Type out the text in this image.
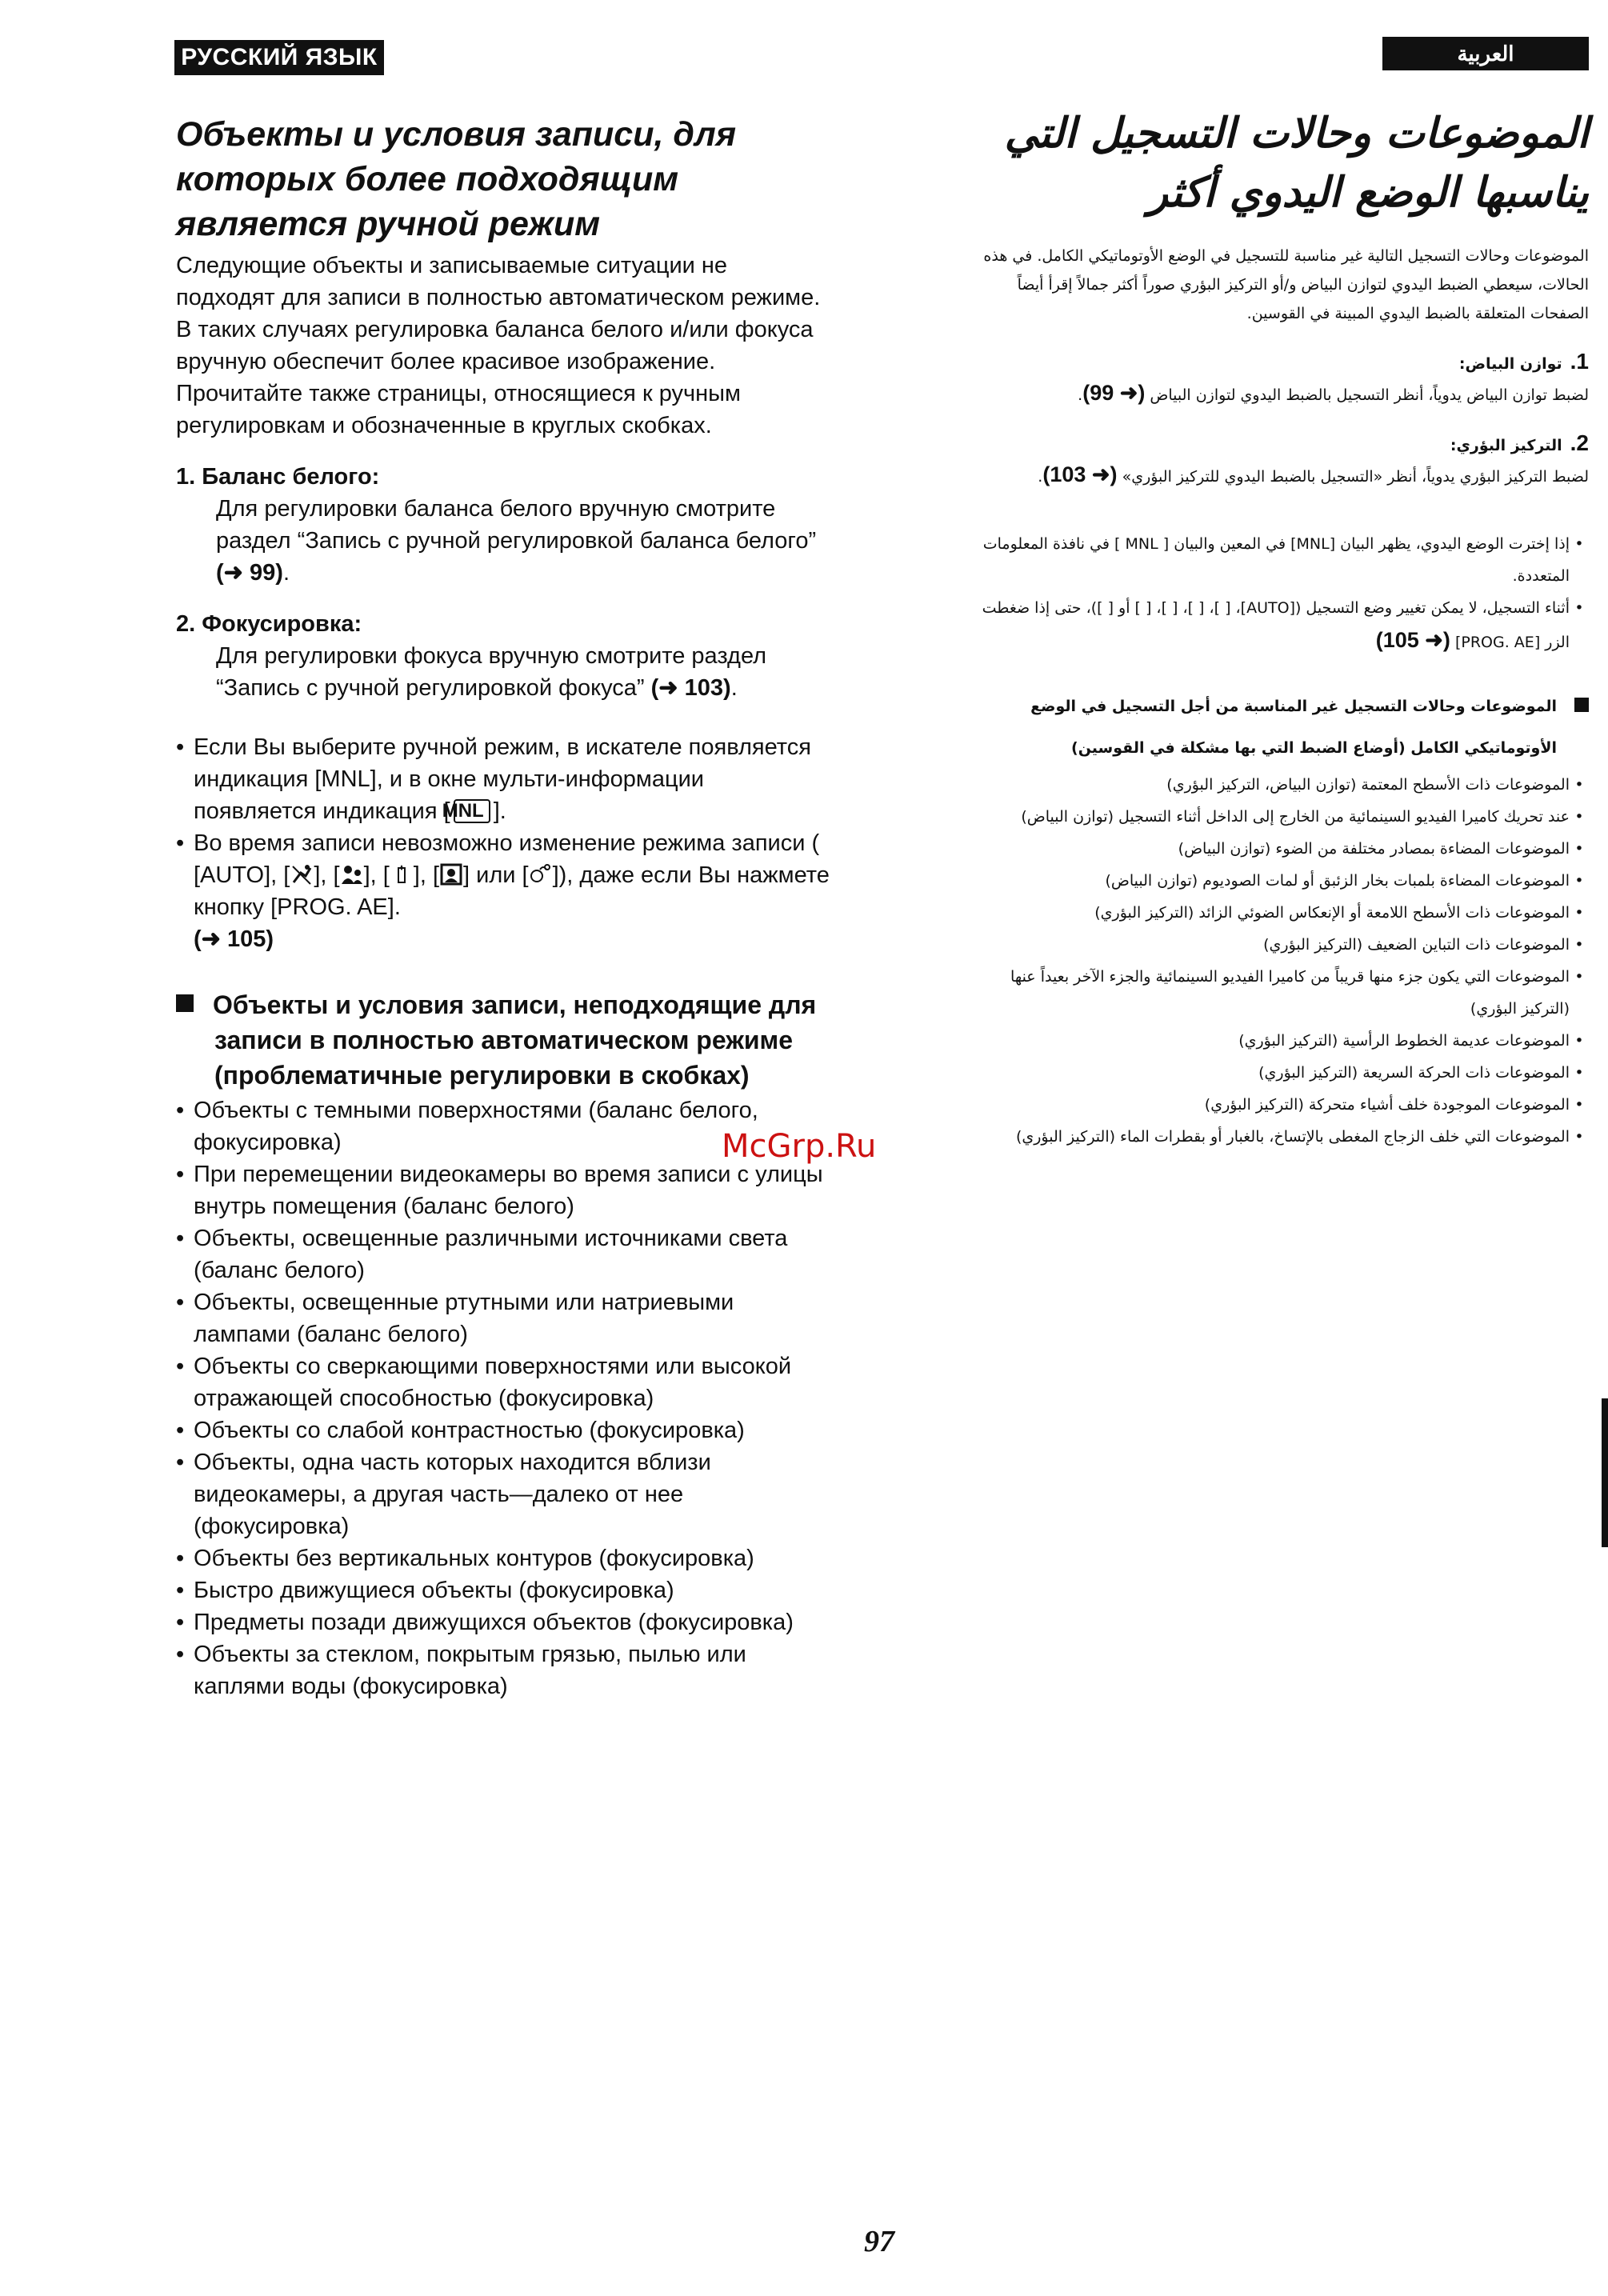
РУССКИЙ ЯЗЫК	العربية
Объекты и условия записи, для
которых более подходящим
является ручной режим

Следующие объекты и записываемые ситуации не подходят для записи в полностью автоматическом режиме. В таких случаях регулировка баланса белого и/или фокуса вручную обеспечит более красивое изображение. Прочитайте также страницы, относящиеся к ручным регулировкам и обозначенные в круглых скобках.

1. Баланс белого:
Для регулировки баланса белого вручную смотрите раздел “Запись с ручной регулировкой баланса белого” (➜ 99).
2. Фокусировка:
Для регулировки фокуса вручную смотрите раздел “Запись с ручной регулировкой фокуса” (➜ 103).
• Если Вы выберите ручной режим, в искателе появляется индикация [MNL], и в окне мульти-информации появляется индикация [MNL ].
• Во время записи невозможно изменение режима записи ( [AUTO], [ ], [ ], [ ], [ ] или [ ]), даже если Вы нажмете кнопку [PROG. AE].
(➜ 105)
Объекты и условия записи, неподходящие для записи в полностью автоматическом режиме (проблематичные регулировки в скобках)
• Объекты с темными поверхностями (баланс белого, фокусировка)
• При перемещении видеокамеры во время записи с улицы внутрь помещения (баланс белого)
• Объекты, освещенные различными источниками света (баланс белого)
• Объекты, освещенные ртутными или натриевыми лампами (баланс белого)
• Объекты со сверкающими поверхностями или высокой отражающей способностью (фокусировка)
• Объекты со слабой контрастностью (фокусировка)
• Объекты, одна часть которых находится вблизи видеокамеры, а другая часть—далеко от нее (фокусировка)
• Объекты без вертикальных контуров (фокусировка)
• Быстро движущиеся объекты (фокусировка)
• Предметы позади движущихся объектов (фокусировка)
• Объекты за стеклом, покрытым грязью, пылью или каплями воды (фокусировка)
McGrp.Ru
الموضوعات وحالات التسجيل التي
يناسبها الوضع اليدوي أكثر

الموضوعات وحالات التسجيل التالية غير مناسبة للتسجيل في الوضع الأوتوماتيكي الكامل. في هذه الحالات، سيعطي الضبط اليدوي لتوازن البياض و/أو التركيز البؤري صوراً أكثر جمالاً إقرأ أيضاً الصفحات المتعلقة بالضبط اليدوي المبينة في القوسين.

1.توازن البياض:
لضبط توازن البياض يدوياً، أنظر التسجيل بالضبط اليدوي لتوازن البياض (➜ 99).
2.التركيز البؤري:
لضبط التركيز البؤري يدوياً، أنظر «التسجيل بالضبط اليدوي للتركيز البؤري» (➜ 103).
• إذا إخترت الوضع اليدوي، يظهر البيان [MNL] في المعين والبيان [ MNL ] في نافذة المعلومات المتعددة.
• أثناء التسجيل، لا يمكن تغيير وضع التسجيل ([AUTO]، [ ]، [ ]، [ ]، [ ] أو [ ])، حتى إذا ضغطت الزر [PROG. AE] (➜ 105)
الموضوعات وحالات التسجيل غير المناسبة من أجل التسجيل في الوضع الأوتوماتيكي الكامل (أوضاع الضبط التي بها مشكلة في القوسين)
• الموضوعات ذات الأسطح المعتمة (توازن البياض، التركيز البؤري)
• عند تحريك كاميرا الفيديو السينمائية من الخارج إلى الداخل أثناء التسجيل (توازن البياض)
• الموضوعات المضاءة بمصادر مختلفة من الضوء (توازن البياض)
• الموضوعات المضاءة بلمبات بخار الزئبق أو لمات الصوديوم (توازن البياض)
• الموضوعات ذات الأسطح اللامعة أو الإنعكاس الضوئي الزائد (التركيز البؤري)
• الموضوعات ذات التباين الضعيف (التركيز البؤري)
• الموضوعات التي يكون جزء منها قريباً من كاميرا الفيديو السينمائية والجزء الآخر بعيداً عنها (التركيز البؤري)
• الموضوعات عديمة الخطوط الرأسية (التركيز البؤري)
• الموضوعات ذات الحركة السريعة (التركيز البؤري)
• الموضوعات الموجودة خلف أشياء متحركة (التركيز البؤري)
• الموضوعات التي خلف الزجاج المغطى بالإتساخ، بالغبار أو بقطرات الماء (التركيز البؤري)
97
